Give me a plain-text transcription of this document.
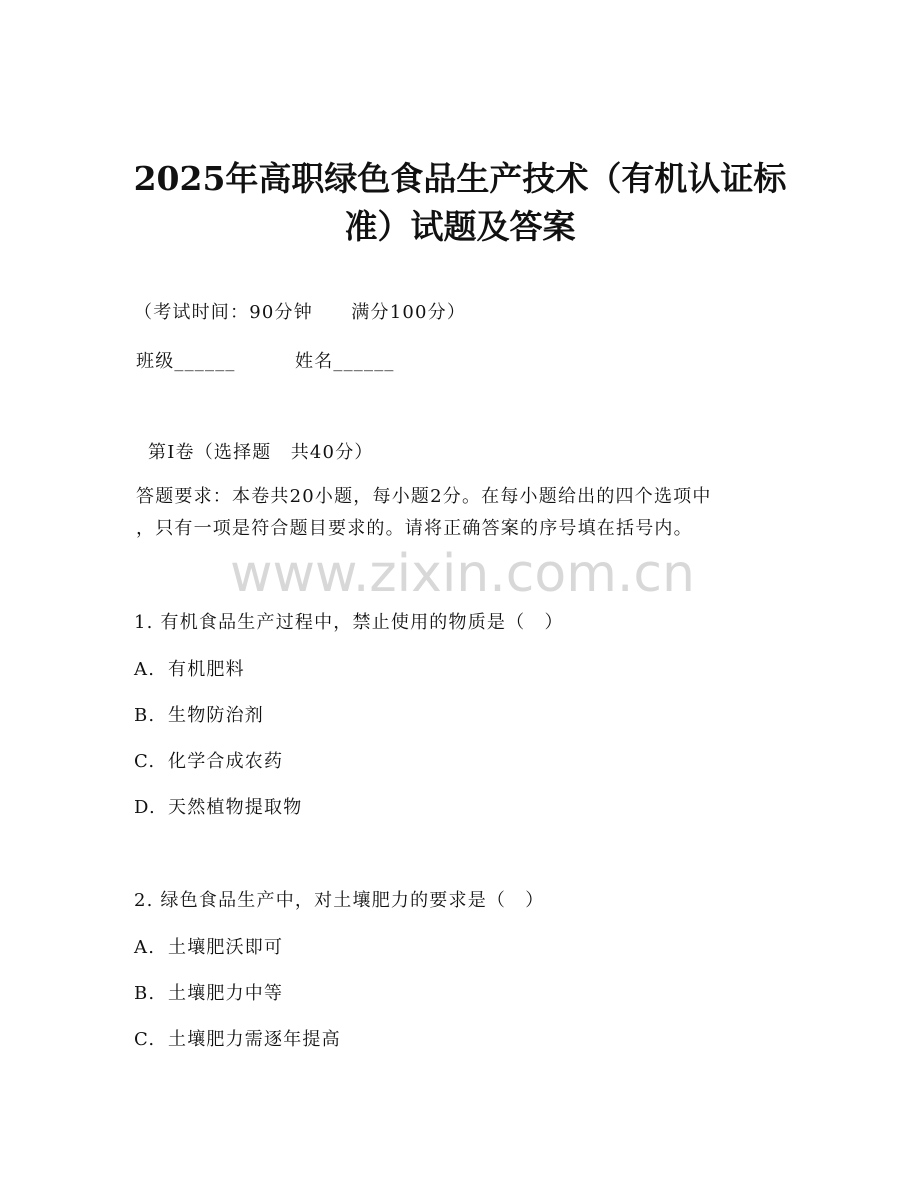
2025年高职绿色食品生产技术（有机认证标
准）试题及答案
（考试时间：90分钟　　满分100分）
班级______	姓名______
第Ⅰ卷（选择题　共40分）
答题要求：本卷共20小题，每小题2分。在每小题给出的四个选项中
，只有一项是符合题目要求的。请将正确答案的序号填在括号内。
www.zixin.com.cn
1. 有机食品生产过程中，禁止使用的物质是（　）
A. 有机肥料
B. 生物防治剂
C. 化学合成农药
D. 天然植物提取物
2. 绿色食品生产中，对土壤肥力的要求是（　）
A. 土壤肥沃即可
B. 土壤肥力中等
C. 土壤肥力需逐年提高
